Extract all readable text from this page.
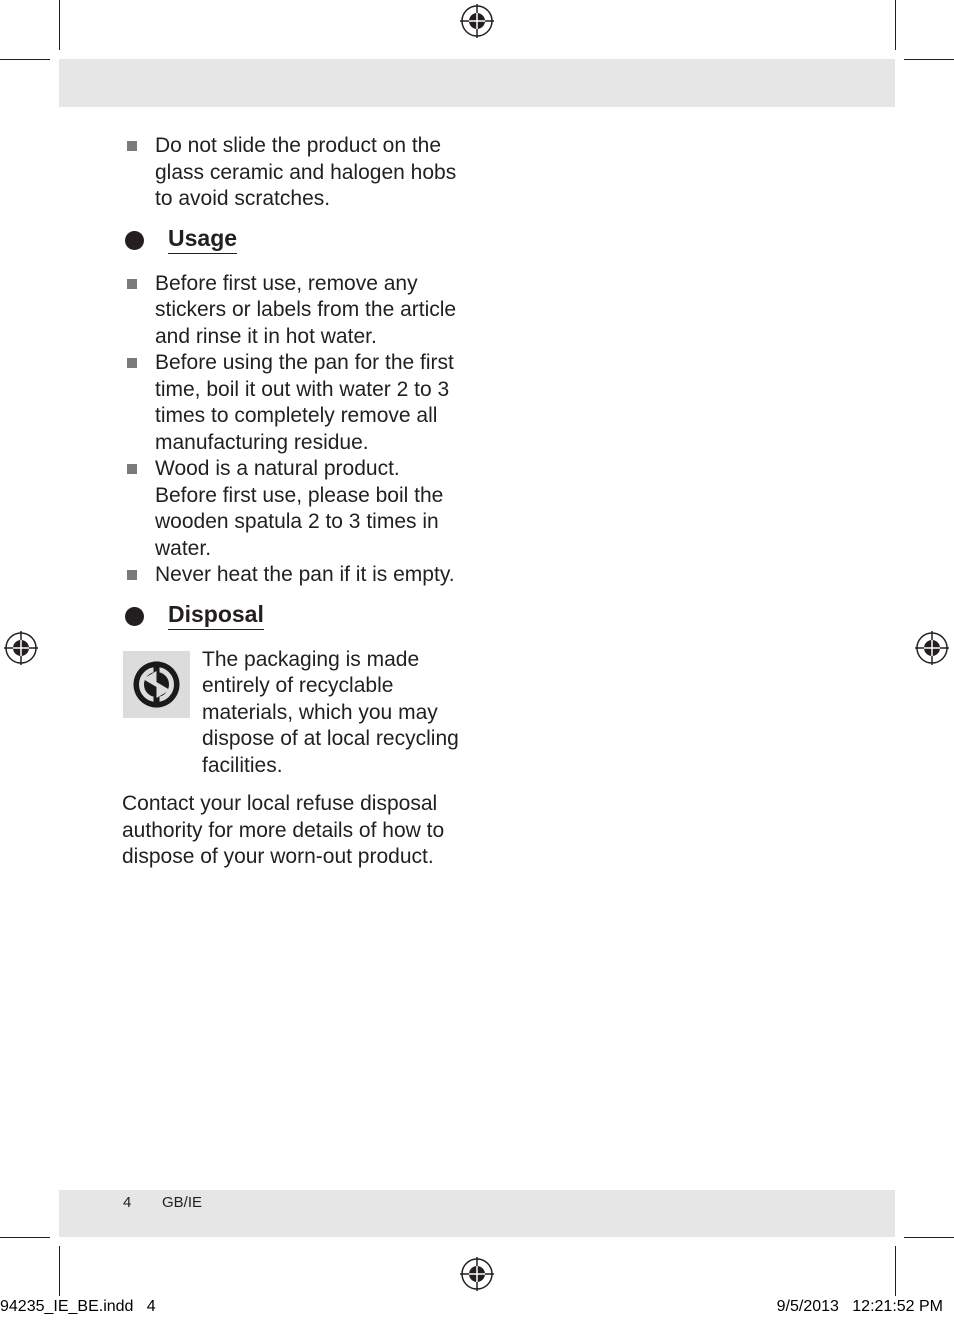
Do not slide the product on the glass ceramic and halogen hobs to avoid scratches.
Usage
Before first use, remove any stickers or labels from the article and rinse it in hot water.
Before using the pan for the first time, boil it out with water 2 to 3 times to completely remove all manufacturing residue.
Wood is a natural product. Before first use, please boil the wooden spatula 2 to 3 times in water.
Never heat the pan if it is empty.
Disposal
The packaging is made entirely of recyclable materials, which you may dispose of at local recycling facilities.
Contact your local refuse disposal authority for more details of how to dispose of your worn-out product.
4 GB/IE
94235_IE_BE.indd   4	9/5/2013   12:21:52 PM
